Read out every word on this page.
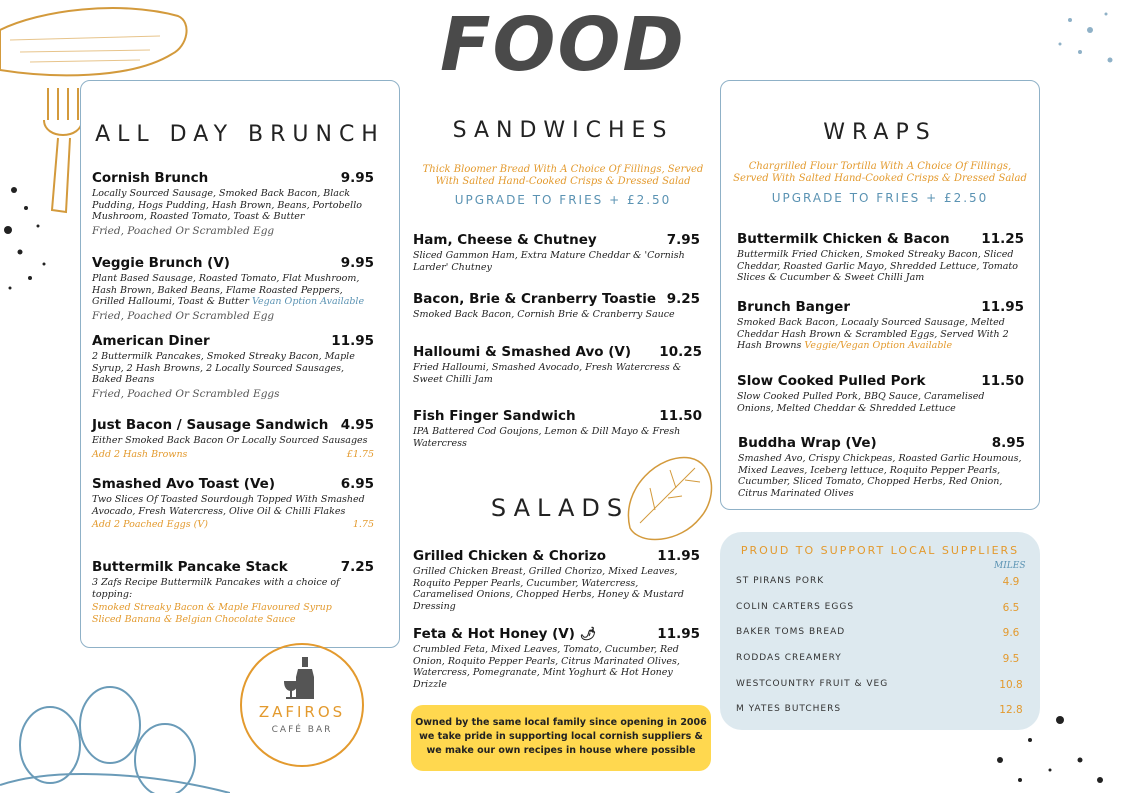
FOOD
ALL DAY BRUNCH
Cornish Brunch	9.95
Locally Sourced Sausage, Smoked Back Bacon, Black Pudding, Hogs Pudding, Hash Brown, Beans, Portobello Mushroom, Roasted Tomato, Toast & Butter
Fried, Poached Or Scrambled Egg
Veggie Brunch (V)	9.95
Plant Based Sausage, Roasted Tomato, Flat Mushroom, Hash Brown, Baked Beans, Flame Roasted Peppers, Grilled Halloumi, Toast & Butter Vegan Option Available
Fried, Poached Or Scrambled Egg
American Diner	11.95
2 Buttermilk Pancakes, Smoked Streaky Bacon, Maple Syrup, 2 Hash Browns, 2 Locally Sourced Sausages, Baked Beans
Fried, Poached Or Scrambled Eggs
Just Bacon / Sausage Sandwich 4.95
Either Smoked Back Bacon Or Locally Sourced Sausages
Add 2 Hash Browns	£1.75
Smashed Avo Toast (Ve)	6.95
Two Slices Of Toasted Sourdough Topped With Smashed Avocado, Fresh Watercress, Olive Oil & Chilli Flakes
Add 2 Poached Eggs (V)	1.75
Buttermilk Pancake Stack	7.25
3 Zafs Recipe Buttermilk Pancakes with a choice of topping:
Smoked Streaky Bacon & Maple Flavoured Syrup
Sliced Banana & Belgian Chocolate Sauce
SANDWICHES
Thick Bloomer Bread With A Choice Of Fillings, Served
With Salted Hand-Cooked Crisps & Dressed Salad
UPGRADE TO FRIES + £2.50
Ham, Cheese & Chutney	7.95
Sliced Gammon Ham, Extra Mature Cheddar & 'Cornish Larder' Chutney
Bacon, Brie & Cranberry Toastie 9.25
Smoked Back Bacon, Cornish Brie & Cranberry Sauce
Halloumi & Smashed Avo (V) 10.25
Fried Halloumi, Smashed Avocado, Fresh Watercress & Sweet Chilli Jam
Fish Finger Sandwich	11.50
IPA Battered Cod Goujons, Lemon & Dill Mayo & Fresh Watercress
SALADS
Grilled Chicken & Chorizo	11.95
Grilled Chicken Breast, Grilled Chorizo, Mixed Leaves, Roquito Pepper Pearls, Cucumber, Watercress, Caramelised Onions, Chopped Herbs, Honey & Mustard Dressing
Feta & Hot Honey (V) 🌶︎	11.95
Crumbled Feta, Mixed Leaves, Tomato, Cucumber, Red Onion, Roquito Pepper Pearls, Citrus Marinated Olives, Watercress, Pomegranate, Mint Yoghurt & Hot Honey Drizzle
WRAPS
Chargrilled Flour Tortilla With A Choice Of Fillings,
Served With Salted Hand-Cooked Crisps & Dressed Salad
UPGRADE TO FRIES + £2.50
Buttermilk Chicken & Bacon 11.25
Buttermilk Fried Chicken, Smoked Streaky Bacon, Sliced Cheddar, Roasted Garlic Mayo, Shredded Lettuce, Tomato Slices & Cucumber & Sweet Chilli Jam
Brunch Banger	11.95
Smoked Back Bacon, Locaaly Sourced Sausage, Melted Cheddar Hash Brown & Scrambled Eggs, Served With 2 Hash Browns Veggie/Vegan Option Available
Slow Cooked Pulled Pork	11.50
Slow Cooked Pulled Pork, BBQ Sauce, Caramelised Onions, Melted Cheddar & Shredded Lettuce
Buddha Wrap (Ve)	8.95
Smashed Avo, Crispy Chickpeas, Roasted Garlic Houmous, Mixed Leaves, Iceberg lettuce, Roquito Pepper Pearls, Cucumber, Sliced Tomato, Chopped Herbs, Red Onion, Citrus Marinated Olives
PROUD TO SUPPORT LOCAL SUPPLIERS
MILES
ST PIRANS PORK	4.9
COLIN CARTERS EGGS	6.5
BAKER TOMS BREAD	9.6
RODDAS CREAMERY	9.5
WESTCOUNTRY FRUIT & VEG	10.8
M YATES BUTCHERS	12.8
Owned by the same local family since opening in 2006
we take pride in supporting local cornish suppliers &
we make our own recipes in house where possible
ZAFIROS
CAFÉ BAR
